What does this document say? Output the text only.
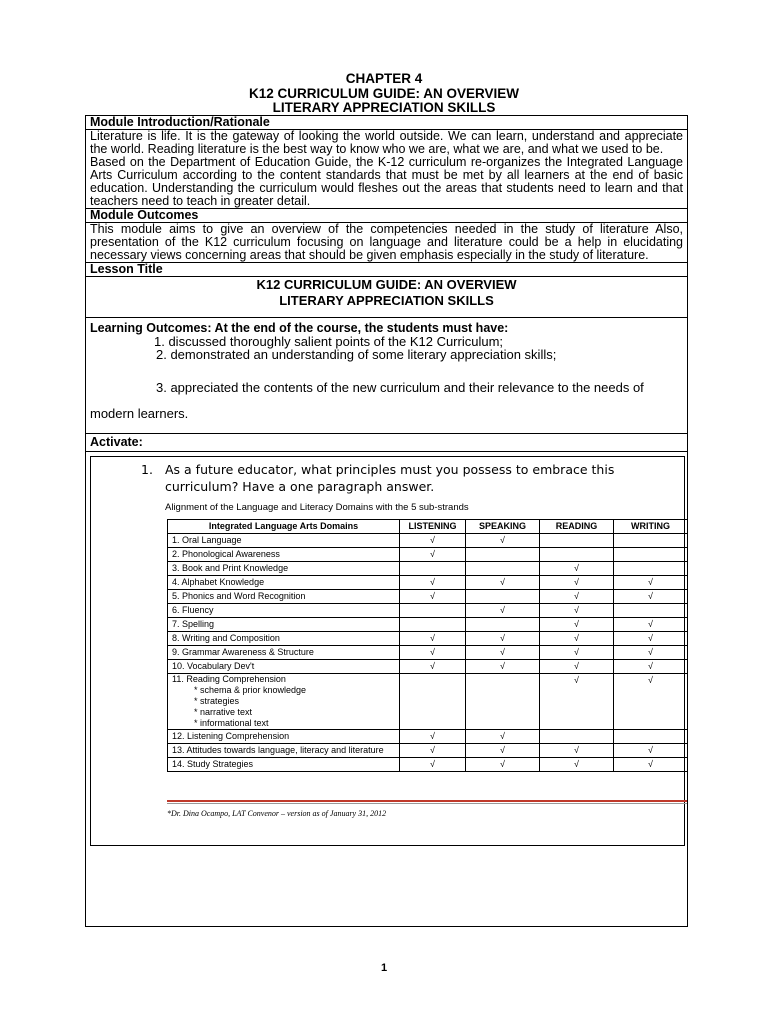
CHAPTER 4
K12 CURRICULUM GUIDE: AN OVERVIEW
LITERARY APPRECIATION SKILLS
Module Introduction/Rationale

Literature is life. It is the gateway of looking the world outside. We can learn, understand and appreciate the world. Reading literature is the best way to know who we are, what we are, and what we used to be.
Based on the Department of Education Guide, the K-12 curriculum re-organizes the Integrated Language Arts Curriculum according to the content standards that must be met by all learners at the end of basic education. Understanding the curriculum would fleshes out the areas that students need to learn and that teachers need to teach in greater detail.

Module Outcomes
This module aims to give an overview of the competencies needed in the study of literature Also, presentation of the K12 curriculum focusing on language and literature could be a help in elucidating necessary views concerning areas that should be given emphasis especially in the study of literature.
Lesson Title

K12 CURRICULUM GUIDE: AN OVERVIEW
LITERARY APPRECIATION SKILLS

Learning Outcomes: At the end of the course, the students must have:
1. discussed thoroughly salient points of the K12 Curriculum;
2. demonstrated an understanding of some literary appreciation skills;
3. appreciated the contents of the new curriculum and their relevance to the needs of
modern learners.

Activate:

1. As a future educator, what principles must you possess to embrace this
curriculum? Have a one paragraph answer.
Alignment of the Language and Literacy Domains with the 5 sub-strands
Integrated Language Arts Domains	LISTENING	SPEAKING	READING	WRITING
1. Oral Language	√	√		
2. Phonological Awareness	√			
3. Book and Print Knowledge			√	
4. Alphabet Knowledge	√	√	√	√
5. Phonics and Word Recognition	√		√	√
6. Fluency		√	√	
7. Spelling			√	√
8. Writing and Composition	√	√	√	√
9. Grammar Awareness & Structure	√	√	√	√
10. Vocabulary Dev't	√	√	√	√

11. Reading Comprehension
* schema & prior knowledge
* strategies
* narrative text
* informational text
			√	√
12. Listening Comprehension	√	√		
13. Attitudes towards language, literacy and literature	√	√	√	√
14. Study Strategies	√	√	√	√
*Dr. Dina Ocampo, LAT Convenor – version as of January 31, 2012
1
